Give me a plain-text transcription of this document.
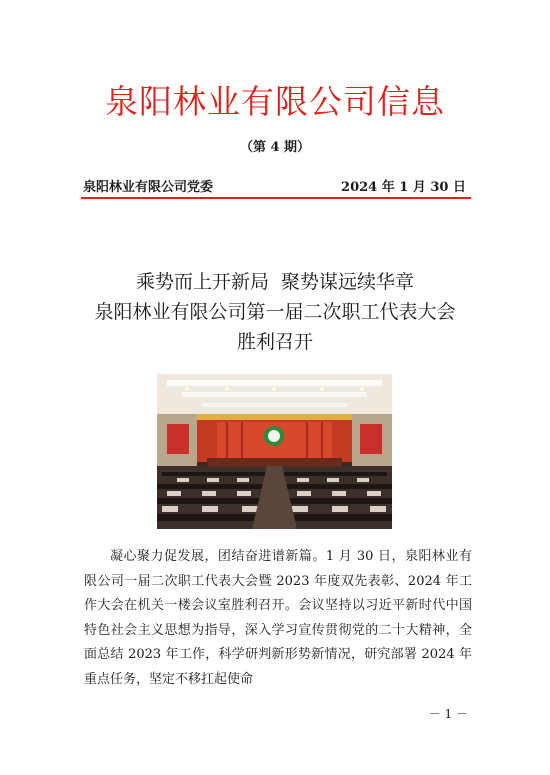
泉阳林业有限公司信息
（第 4 期）
泉阳林业有限公司党委	2024 年 1 月 30 日
乘势而上开新局  聚势谋远续华章
泉阳林业有限公司第一届二次职工代表大会
胜利召开

凝心聚力促发展，团结奋进谱新篇。1 月 30 日，泉阳林业有限公司一届二次职工代表大会暨 2023 年度双先表彰、2024 年工作大会在机关一楼会议室胜利召开。会议坚持以习近平新时代中国特色社会主义思想为指导，深入学习宣传贯彻党的二十大精神，全面总结 2023 年工作，科学研判新形势新情况，研究部署 2024 年重点任务，坚定不移扛起使命

－ 1 －
